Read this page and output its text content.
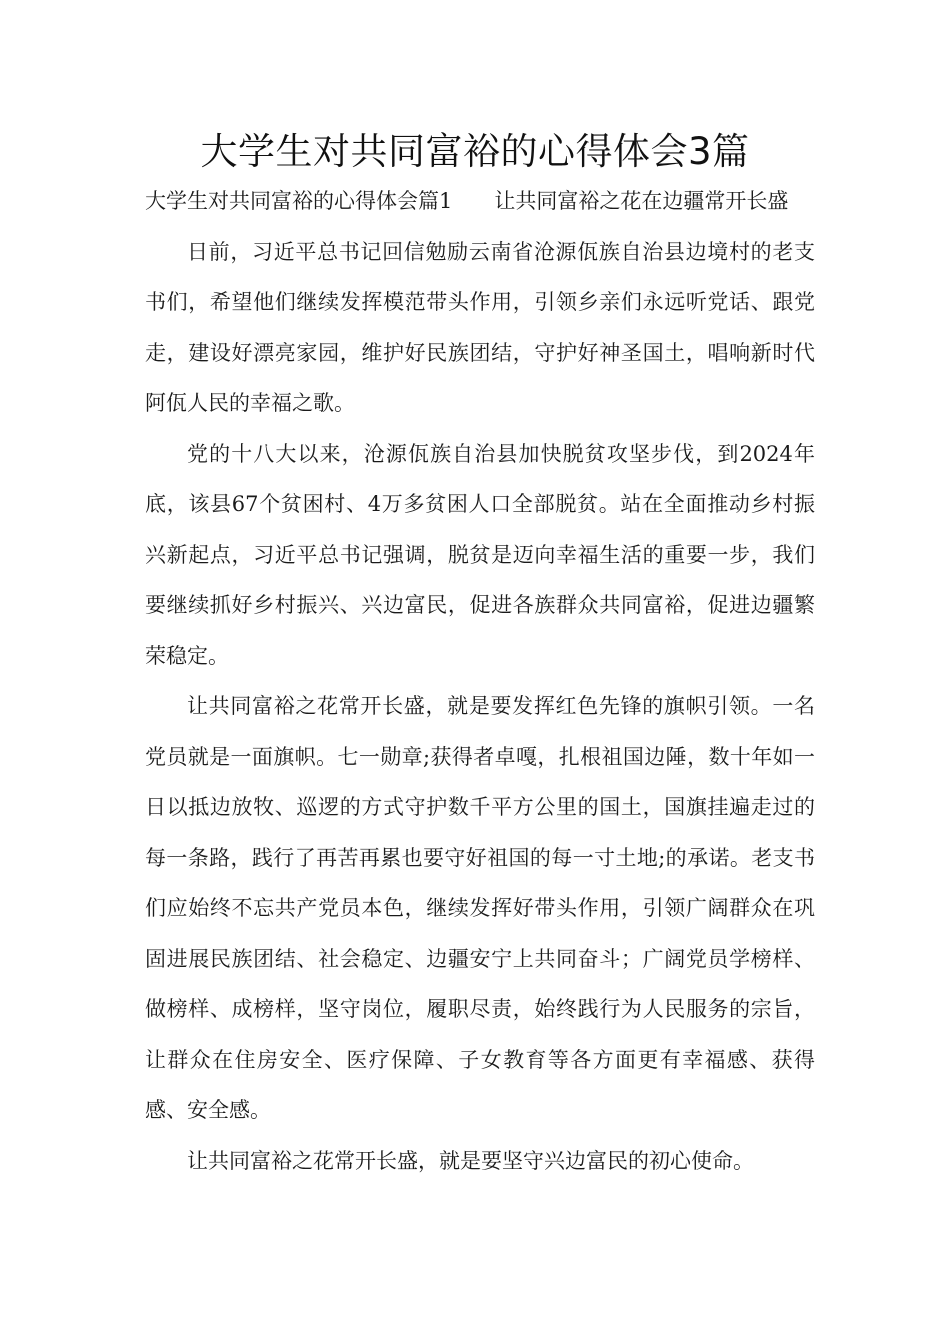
大学生对共同富裕的心得体会3篇

大学生对共同富裕的心得体会篇1　　让共同富裕之花在边疆常开长盛

日前，习近平总书记回信勉励云南省沧源佤族自治县边境村的老支书们，希望他们继续发挥模范带头作用，引领乡亲们永远听党话、跟党走，建设好漂亮家园，维护好民族团结，守护好神圣国土，唱响新时代阿佤人民的幸福之歌。

党的十八大以来，沧源佤族自治县加快脱贫攻坚步伐，到2024年底，该县67个贫困村、4万多贫困人口全部脱贫。站在全面推动乡村振兴新起点，习近平总书记强调，脱贫是迈向幸福生活的重要一步，我们要继续抓好乡村振兴、兴边富民，促进各族群众共同富裕，促进边疆繁荣稳定。

让共同富裕之花常开长盛，就是要发挥红色先锋的旗帜引领。一名党员就是一面旗帜。七一勋章;获得者卓嘎，扎根祖国边陲，数十年如一日以抵边放牧、巡逻的方式守护数千平方公里的国土，国旗挂遍走过的每一条路，践行了再苦再累也要守好祖国的每一寸土地;的承诺。老支书们应始终不忘共产党员本色，继续发挥好带头作用，引领广阔群众在巩固进展民族团结、社会稳定、边疆安宁上共同奋斗；广阔党员学榜样、做榜样、成榜样，坚守岗位，履职尽责，始终践行为人民服务的宗旨，让群众在住房安全、医疗保障、子女教育等各方面更有幸福感、获得感、安全感。

让共同富裕之花常开长盛，就是要坚守兴边富民的初心使命。
